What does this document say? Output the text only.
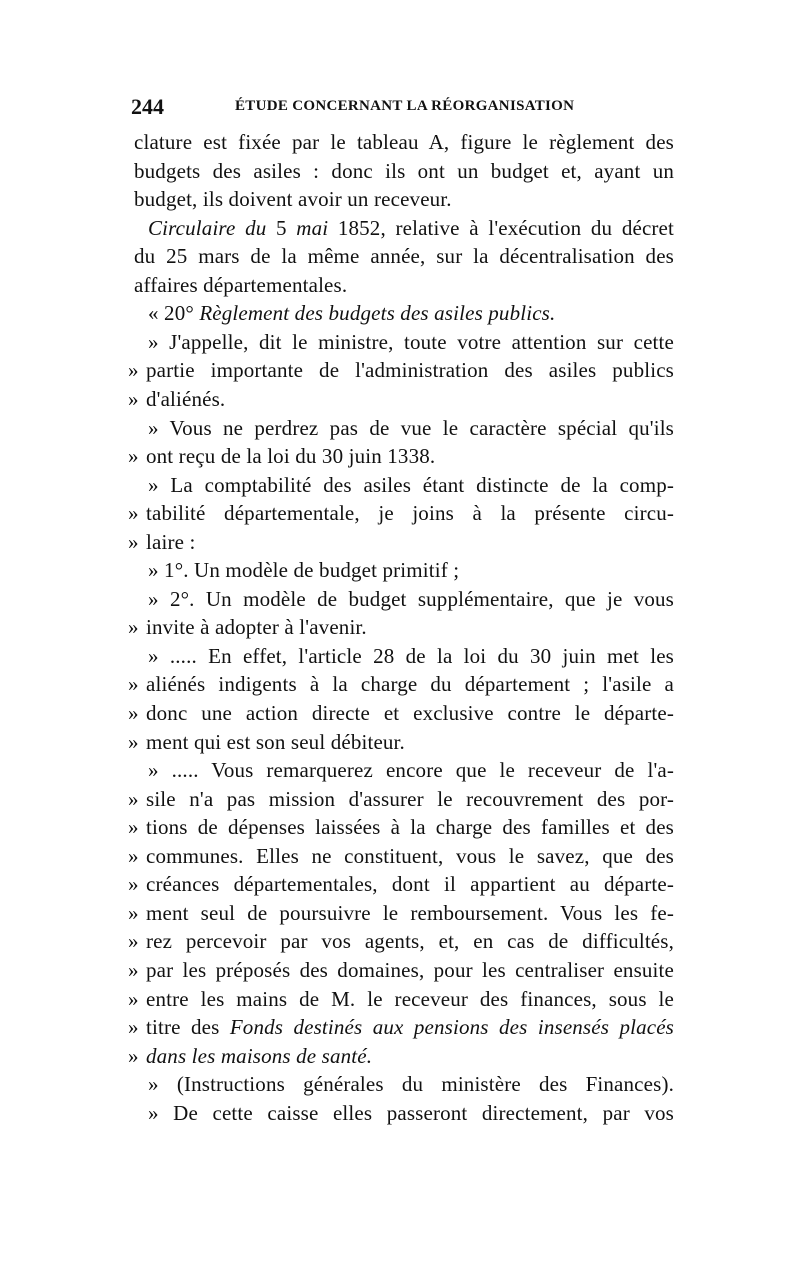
244	ÉTUDE CONCERNANT LA RÉORGANISATION
clature est fixée par le tableau A, figure le règlement des
budgets des asiles : donc ils ont un budget et, ayant un
budget, ils doivent avoir un receveur.
Circulaire du 5 mai 1852, relative à l'exécution du décret
du 25 mars de la même année, sur la décentralisation des
affaires départementales.
« 20° Règlement des budgets des asiles publics.
» J'appelle, dit le ministre, toute votre attention sur cette
» partie importante de l'administration des asiles publics
» d'aliénés.
» Vous ne perdrez pas de vue le caractère spécial qu'ils
» ont reçu de la loi du 30 juin 1338.
» La comptabilité des asiles étant distincte de la comp-
» tabilité départementale, je joins à la présente circu-
» laire :
» 1°. Un modèle de budget primitif ;
» 2°. Un modèle de budget supplémentaire, que je vous
» invite à adopter à l'avenir.
» ..... En effet, l'article 28 de la loi du 30 juin met les
» aliénés indigents à la charge du département ; l'asile a
» donc une action directe et exclusive contre le départe-
» ment qui est son seul débiteur.
» ..... Vous remarquerez encore que le receveur de l'a-
» sile n'a pas mission d'assurer le recouvrement des por-
» tions de dépenses laissées à la charge des familles et des
» communes. Elles ne constituent, vous le savez, que des
» créances départementales, dont il appartient au départe-
» ment seul de poursuivre le remboursement. Vous les fe-
» rez percevoir par vos agents, et, en cas de difficultés,
» par les préposés des domaines, pour les centraliser ensuite
» entre les mains de M. le receveur des finances, sous le
» titre des Fonds destinés aux pensions des insensés placés
» dans les maisons de santé.
» (Instructions générales du ministère des Finances).
» De cette caisse elles passeront directement, par vos
